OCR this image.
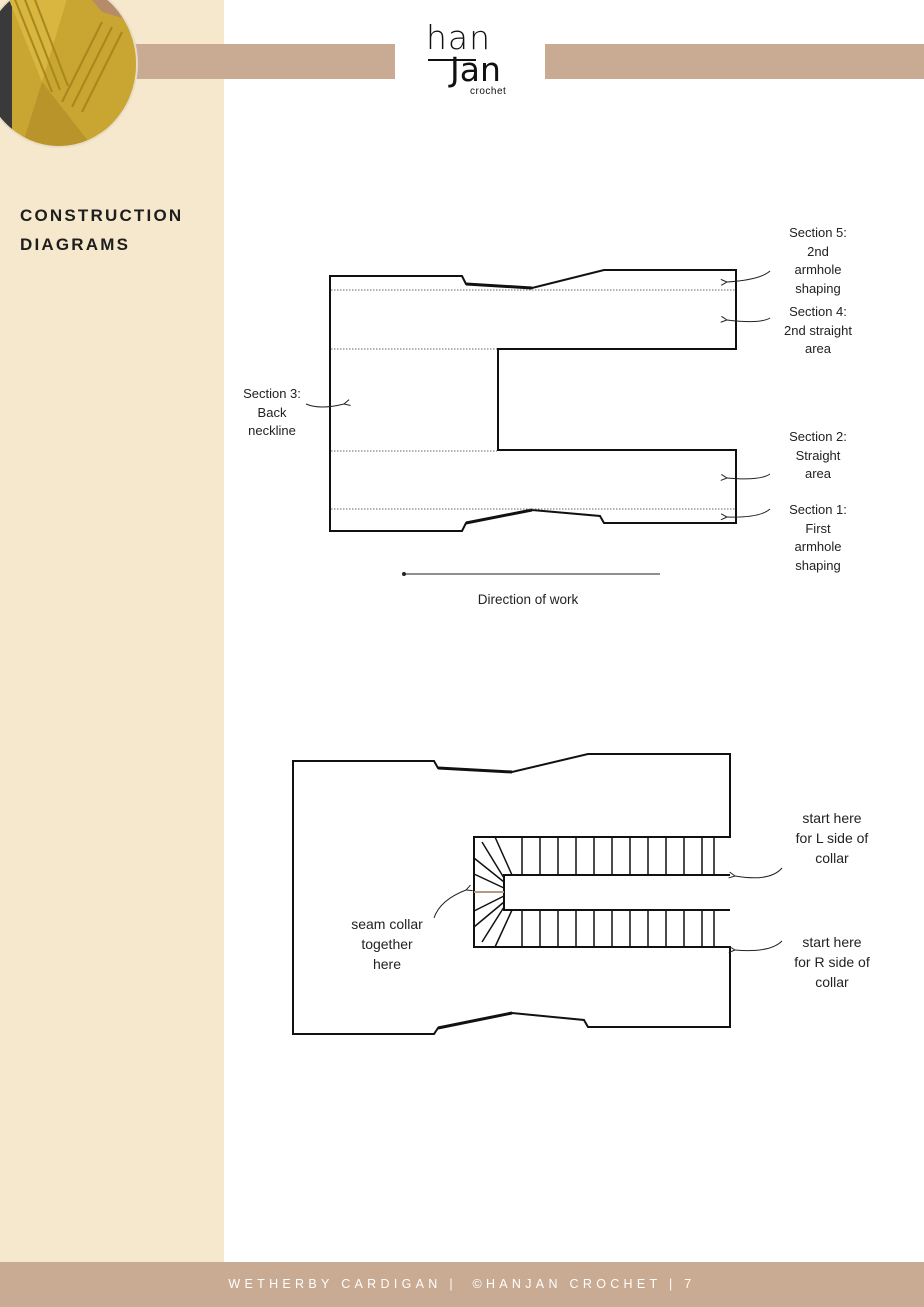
han
Jan
crochet
CONSTRUCTION
DIAGRAMS
Section 5:
2nd
armhole
shaping
Section 4:
2nd straight
area
Section 3:
Back
neckline	Section 2:
Straight
area
Section 1:
First
armhole
shaping
Direction of work
start here
for L side of
collar
start here
for R side of
collar
seam collar
together
here
WETHERBY CARDIGAN |  ©HANJAN CROCHET | 7
